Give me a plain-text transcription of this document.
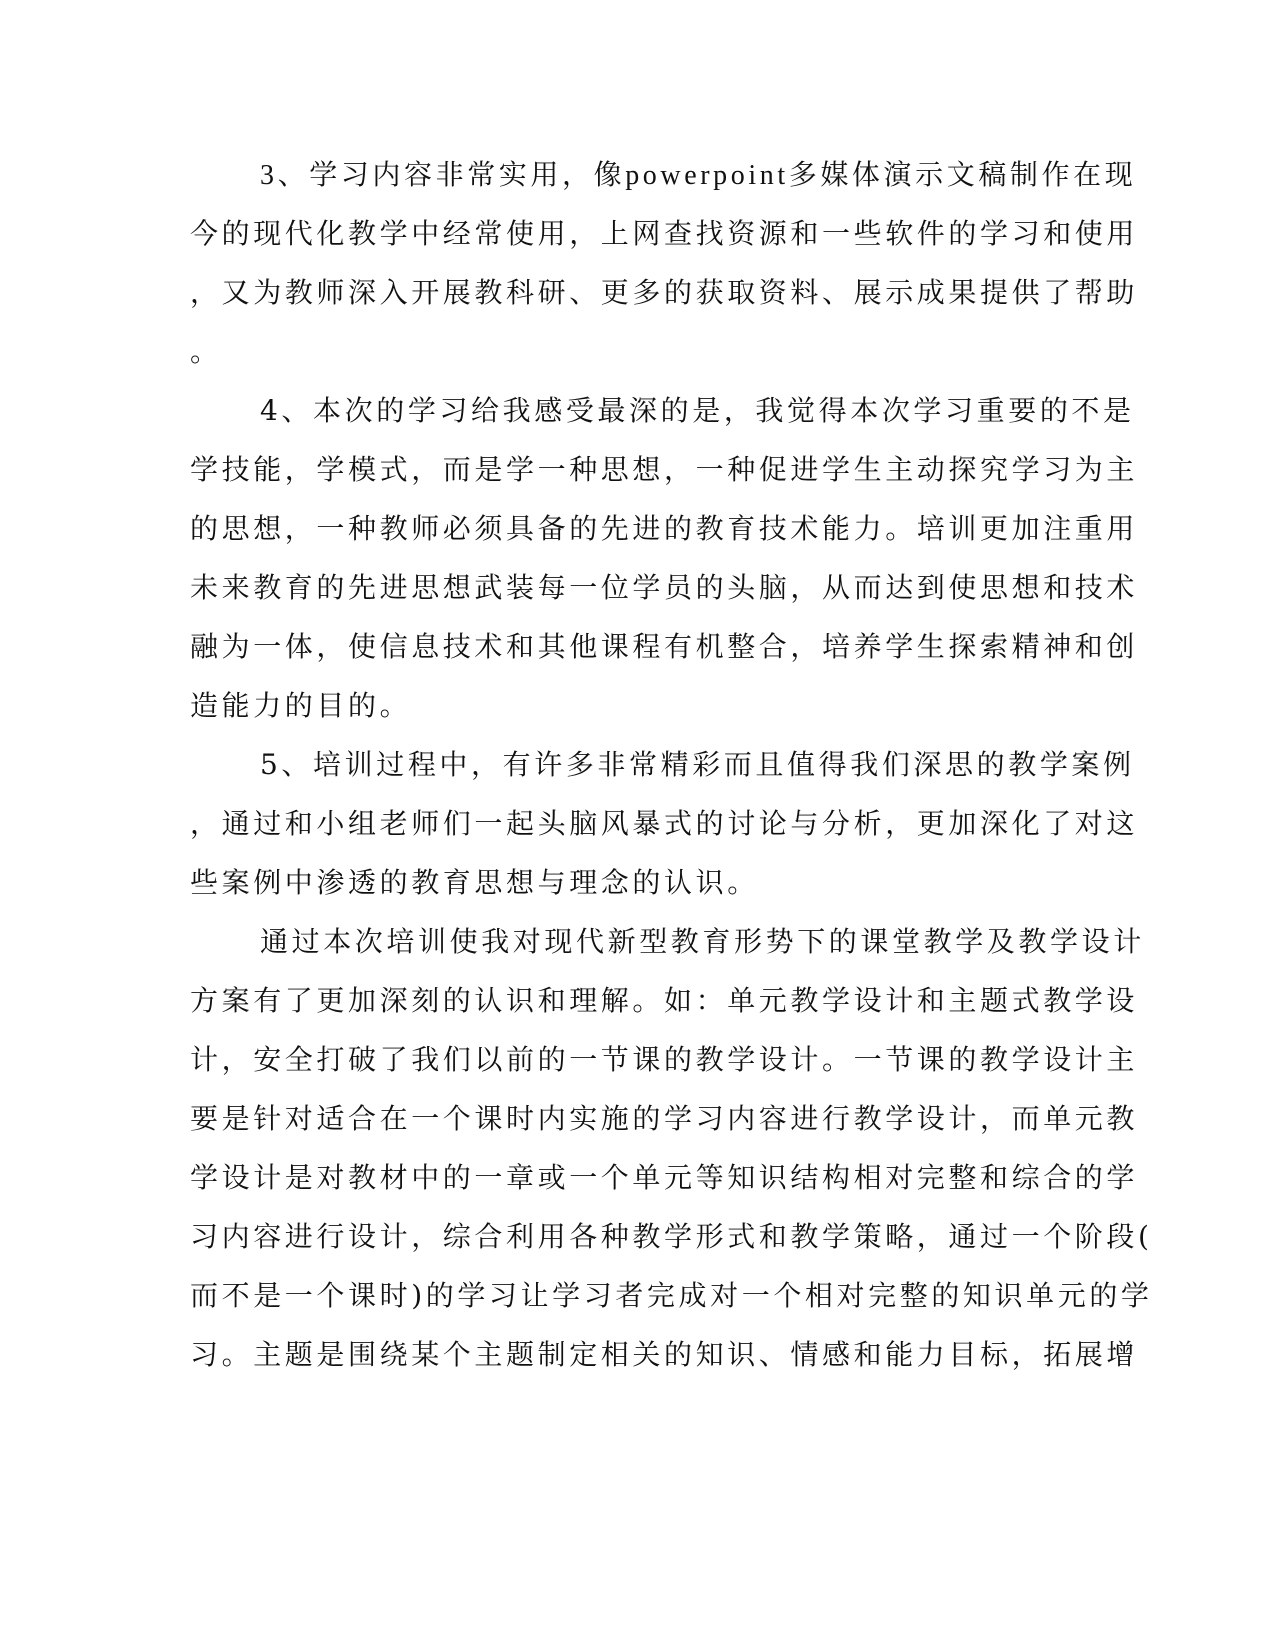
3、学习内容非常实用，像powerpoint多媒体演示文稿制作在现
今的现代化教学中经常使用，上网查找资源和一些软件的学习和使用
，又为教师深入开展教科研、更多的获取资料、展示成果提供了帮助
。
4、本次的学习给我感受最深的是，我觉得本次学习重要的不是
学技能，学模式，而是学一种思想，一种促进学生主动探究学习为主
的思想，一种教师必须具备的先进的教育技术能力。培训更加注重用
未来教育的先进思想武装每一位学员的头脑，从而达到使思想和技术
融为一体，使信息技术和其他课程有机整合，培养学生探索精神和创
造能力的目的。
5、培训过程中，有许多非常精彩而且值得我们深思的教学案例
，通过和小组老师们一起头脑风暴式的讨论与分析，更加深化了对这
些案例中渗透的教育思想与理念的认识。
通过本次培训使我对现代新型教育形势下的课堂教学及教学设计
方案有了更加深刻的认识和理解。如：单元教学设计和主题式教学设
计，安全打破了我们以前的一节课的教学设计。一节课的教学设计主
要是针对适合在一个课时内实施的学习内容进行教学设计，而单元教
学设计是对教材中的一章或一个单元等知识结构相对完整和综合的学
习内容进行设计，综合利用各种教学形式和教学策略，通过一个阶段(
而不是一个课时)的学习让学习者完成对一个相对完整的知识单元的学
习。主题是围绕某个主题制定相关的知识、情感和能力目标，拓展增
